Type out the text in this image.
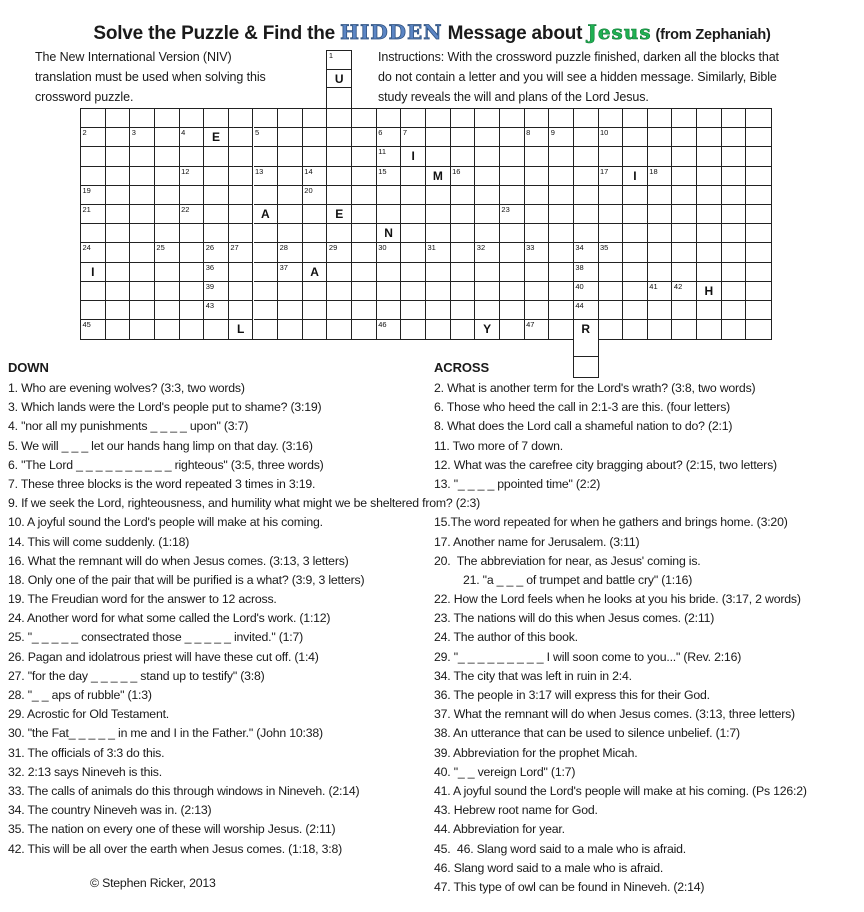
Solve the Puzzle & Find the HIDDEN Message about Jesus (from Zephaniah)
The New International Version (NIV)
translation must be used when solving this
crossword puzzle.
Instructions: With the crossword puzzle finished, darken all the blocks that
do not contain a letter and you will see a hidden message. Similarly, Bible
study reveals the will and plans of the Lord Jesus.
1
U
2	3	4	E	5	6	7	8	9	10
11	I
12	13	14	15	M	16	17	I	18
19	20
21	22	A	E	23
N
24	25	26 27	28	29	30	31	32	33	34 35
I	36	37	A	38
39	40	41 42	H
43	44
45	L	46	Y	47	R
DOWN
1. Who are evening wolves? (3:3, two words)
3. Which lands were the Lord's people put to shame? (3:19)
4. "nor all my punishments _ _ _ _ upon" (3:7)
5. We will _ _ _ let our hands hang limp on that day. (3:16)
6. "The Lord _ _ _ _ _ _ _ _ _ _ righteous" (3:5, three words)
7. These three blocks is the word repeated 3 times in 3:19.
9. If we seek the Lord, righteousness, and humility what might we be sheltered from? (2:3)
10. A joyful sound the Lord's people will make at his coming.
14. This will come suddenly. (1:18)
16. What the remnant will do when Jesus comes. (3:13, 3 letters)
18. Only one of the pair that will be purified is a what? (3:9, 3 letters)
19. The Freudian word for the answer to 12 across.
24. Another word for what some called the Lord's work. (1:12)
25. "_ _ _ _ _ consectrated those _ _ _ _ _ invited." (1:7)
26. Pagan and idolatrous priest will have these cut off. (1:4)
27. "for the day _ _ _ _ _ stand up to testify" (3:8)
28. "_ _ aps of rubble" (1:3)
29. Acrostic for Old Testament.
30. "the Fat_ _ _ _ _ in me and I in the Father." (John 10:38)
31. The officials of 3:3 do this.
32. 2:13 says Nineveh is this.
33. The calls of animals do this through windows in Nineveh. (2:14)
34. The country Nineveh was in. (2:13)
35. The nation on every one of these will worship Jesus. (2:11)
42. This will be all over the earth when Jesus comes. (1:18, 3:8)
ACROSS
2. What is another term for the Lord's wrath? (3:8, two words)
6. Those who heed the call in 2:1-3 are this. (four letters)
8. What does the Lord call a shameful nation to do? (2:1)
11. Two more of 7 down.
12. What was the carefree city bragging about? (2:15, two letters)
13. "_ _ _ _ ppointed time" (2:2)
15.The word repeated for when he gathers and brings home. (3:20)
17. Another name for Jerusalem. (3:11)
20.  The abbreviation for near, as Jesus' coming is.
21. "a _ _ _ of trumpet and battle cry" (1:16)
22. How the Lord feels when he looks at you his bride. (3:17, 2 words)
23. The nations will do this when Jesus comes. (2:11)
24. The author of this book.
29. "_ _ _ _ _ _ _ _ _ I will soon come to you..." (Rev. 2:16)
34. The city that was left in ruin in 2:4.
36. The people in 3:17 will express this for their God.
37. What the remnant will do when Jesus comes. (3:13, three letters)
38. An utterance that can be used to silence unbelief. (1:7)
39. Abbreviation for the prophet Micah.
40. "_ _ vereign Lord" (1:7)
41. A joyful sound the Lord's people will make at his coming. (Ps 126:2)
43. Hebrew root name for God.
44. Abbreviation for year.
45.  46. Slang word said to a male who is afraid.
46. Slang word said to a male who is afraid.
47. This type of owl can be found in Nineveh. (2:14)
© Stephen Ricker, 2013
